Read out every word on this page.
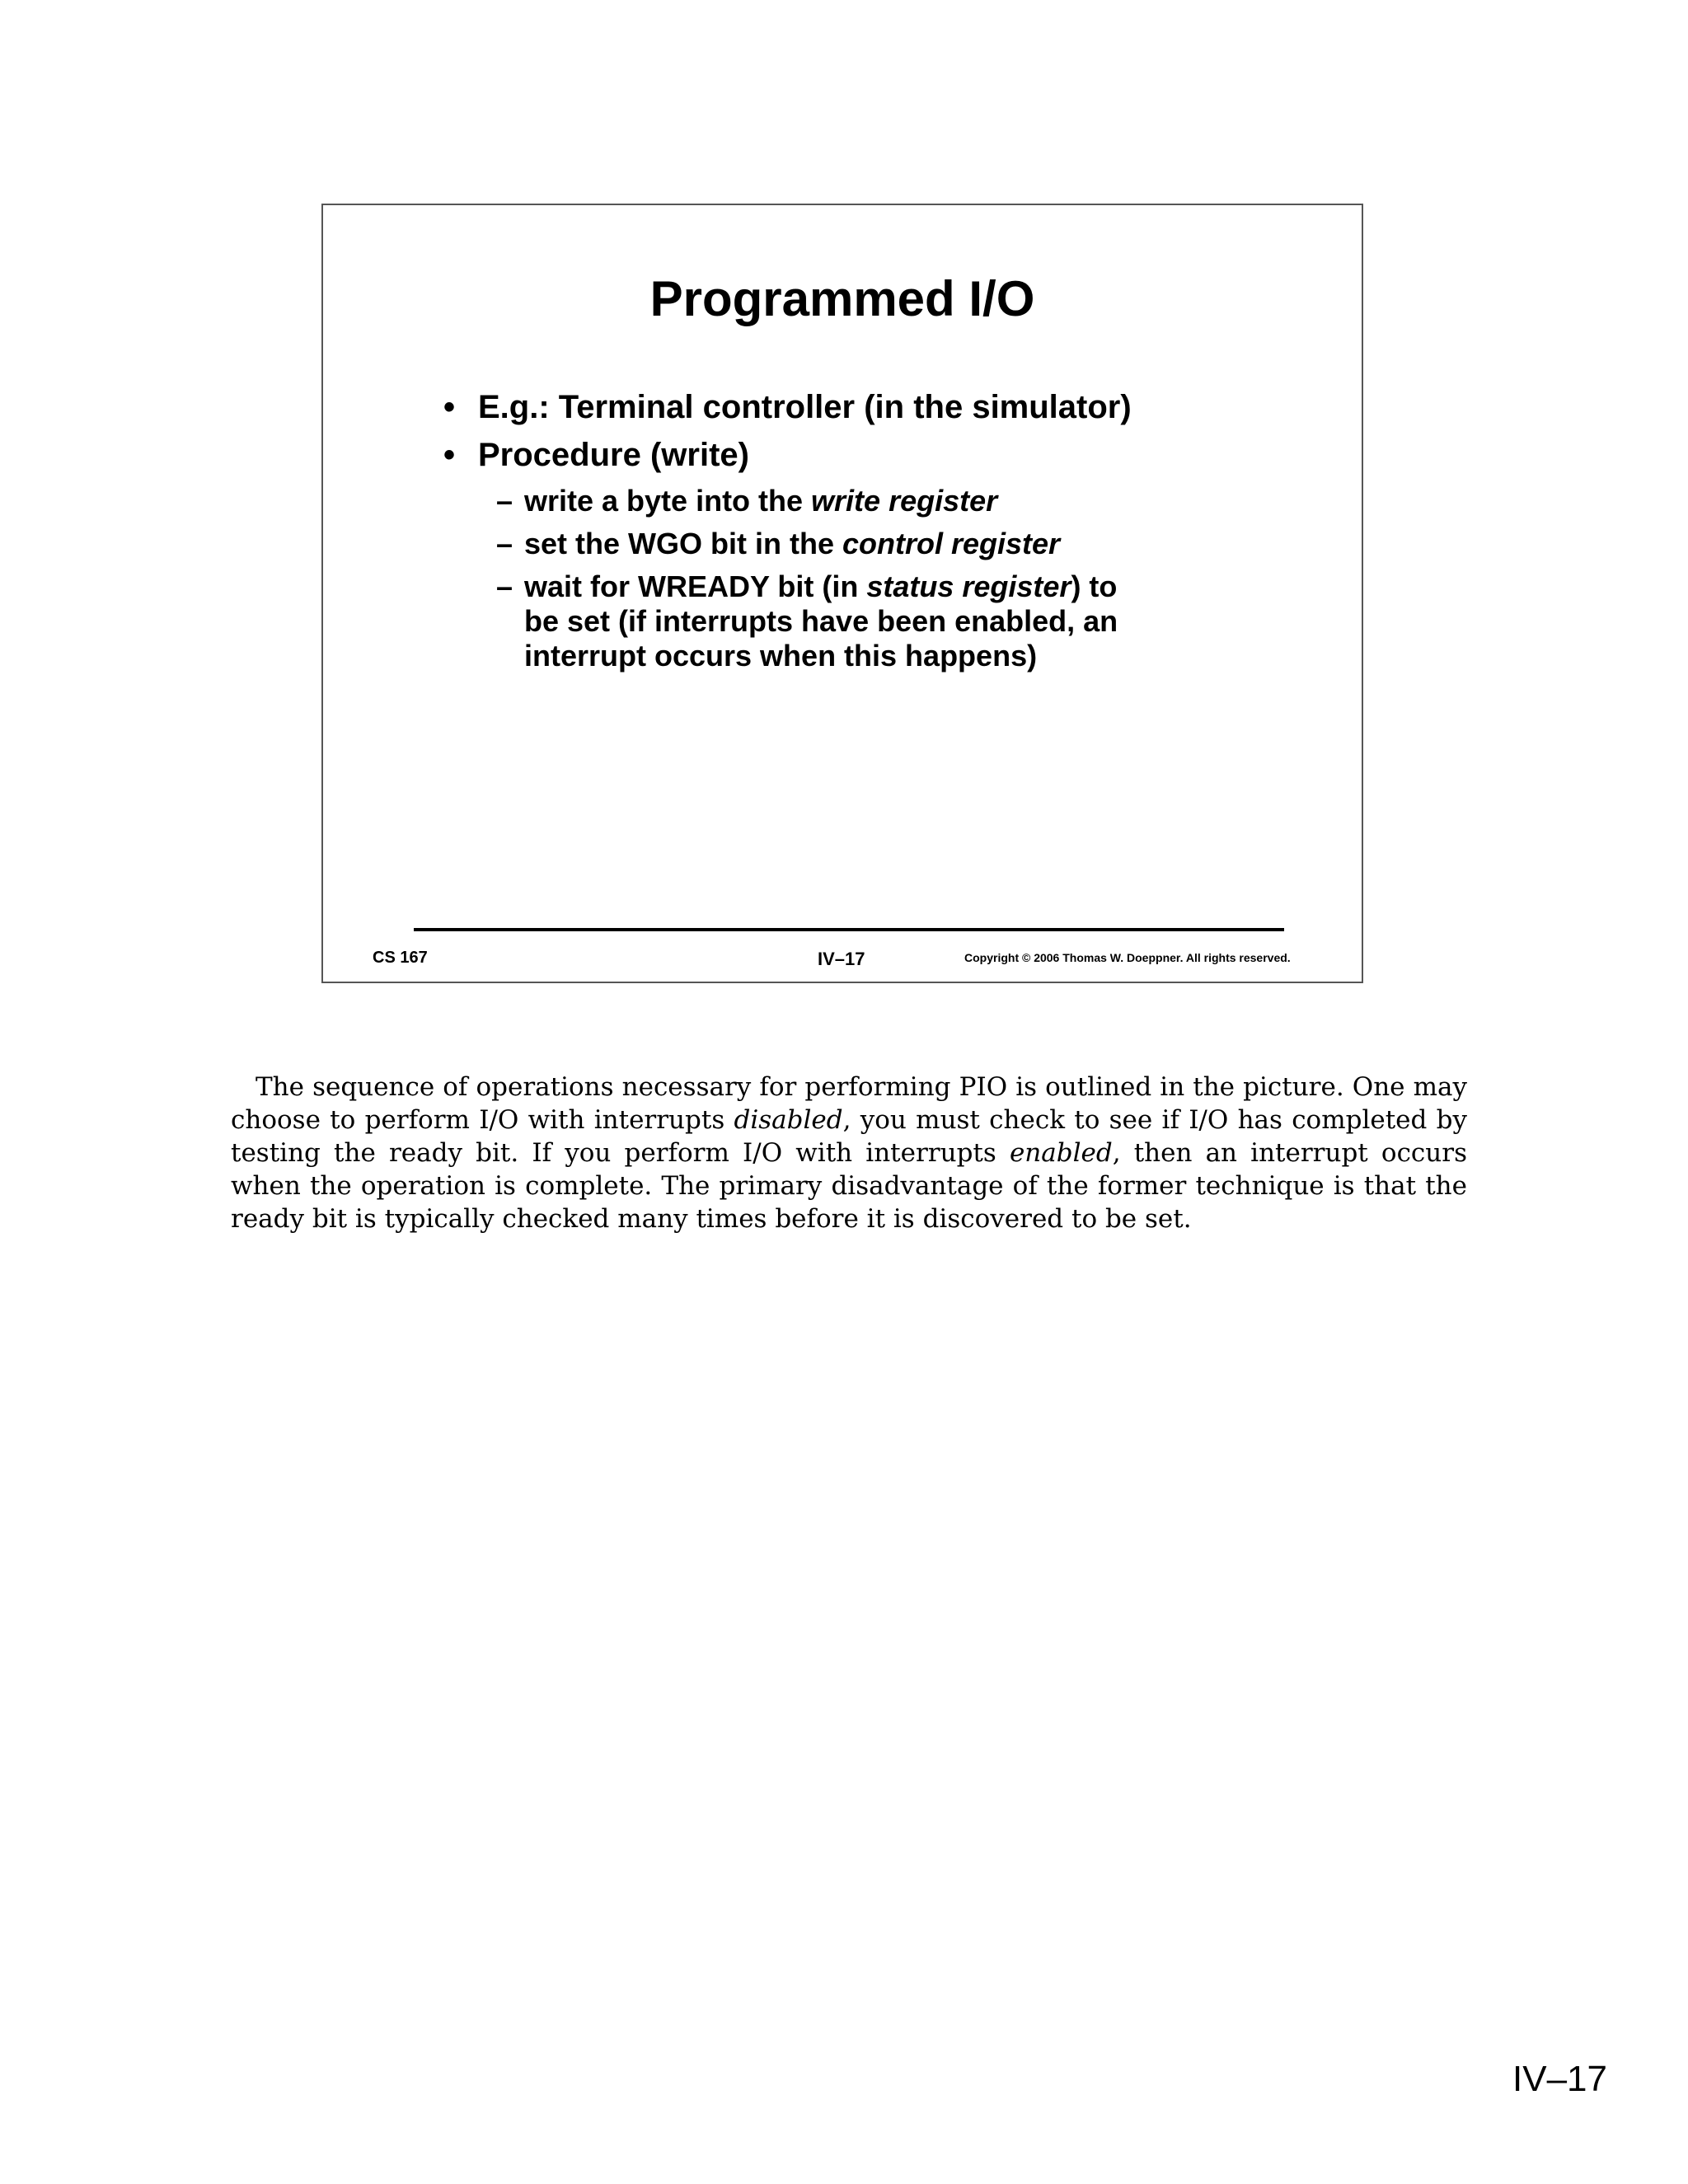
Programmed I/O
• E.g.: Terminal controller (in the simulator)
• Procedure (write)
– write a byte into the write register
– set the WGO bit in the control register
– wait for WREADY bit (in status register) to be set (if interrupts have been enabled, an interrupt occurs when this happens)
CS 167	IV–17	Copyright © 2006 Thomas W. Doeppner. All rights reserved.

The sequence of operations necessary for performing PIO is outlined in the picture. One may choose to perform I/O with interrupts disabled, you must check to see if I/O has completed by testing the ready bit. If you perform I/O with interrupts enabled, then an interrupt occurs when the operation is complete. The primary disadvantage of the former technique is that the ready bit is typically checked many times before it is discovered to be set.

IV–17
